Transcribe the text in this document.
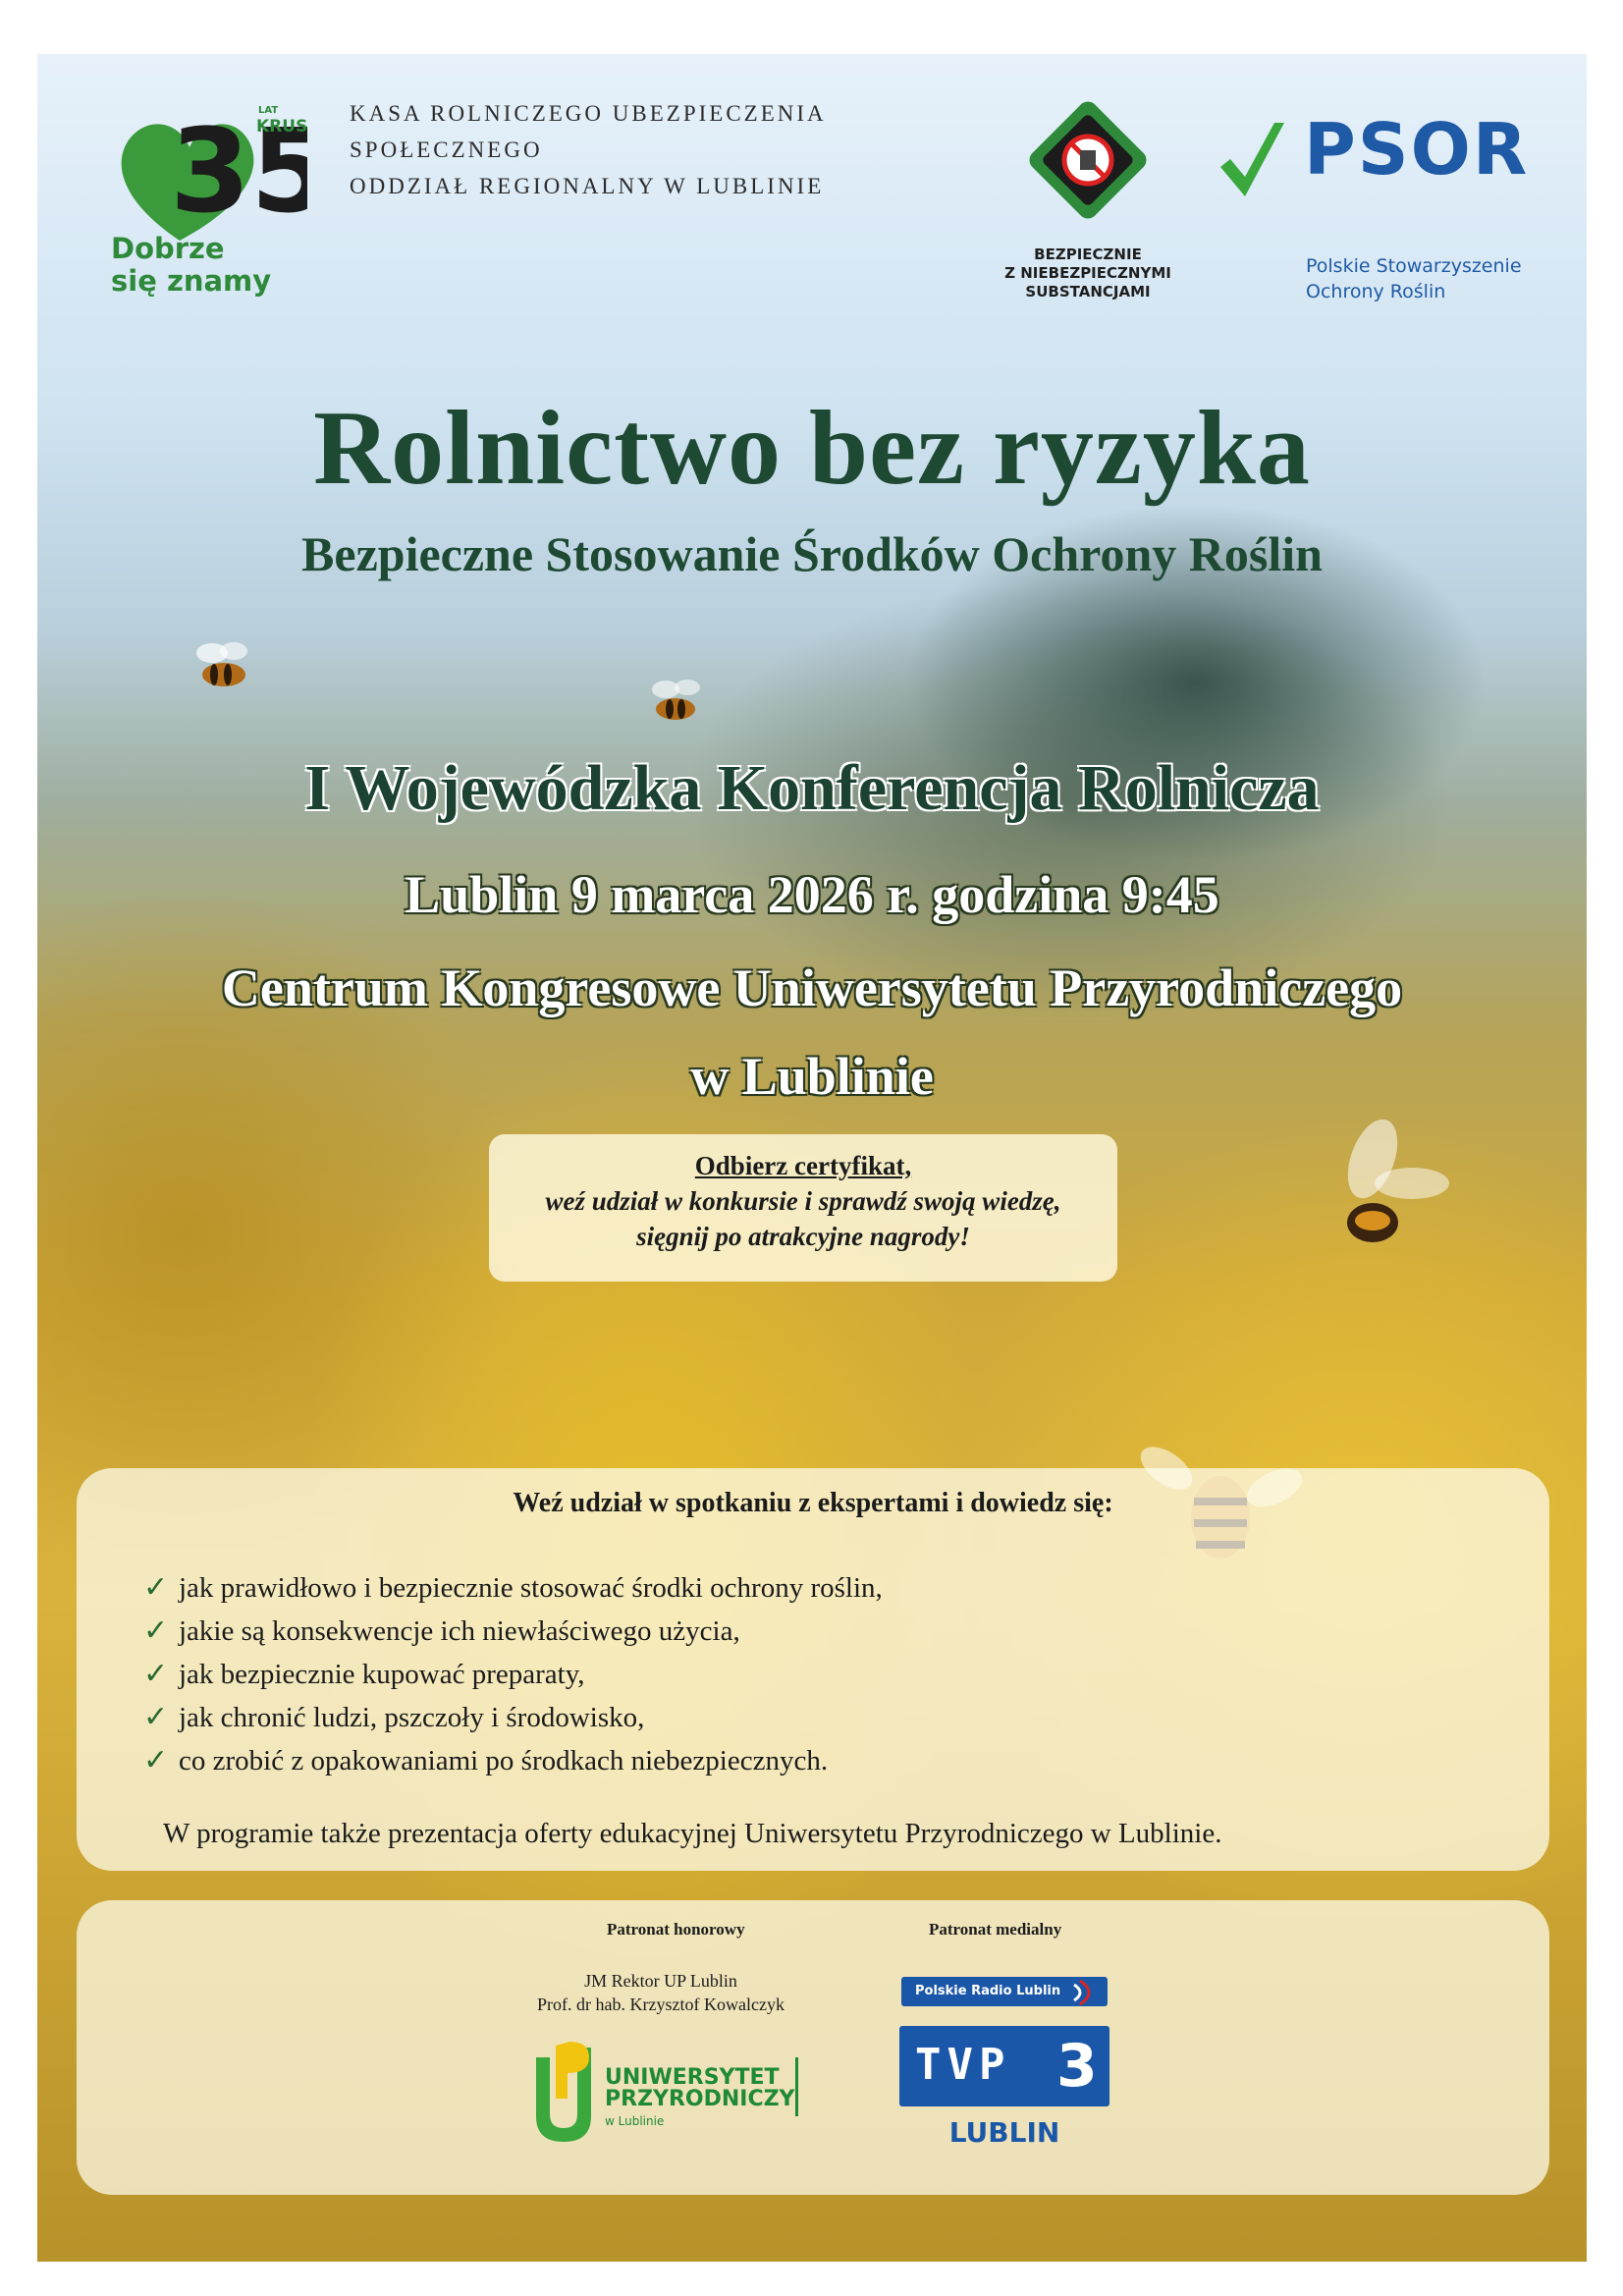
35
LAT
KRUS
Dobrze
się znamy
KASA ROLNICZEGO UBEZPIECZENIA
SPOŁECZNEGO
ODDZIAŁ REGIONALNY W LUBLINIE
BEZPIECZNIE
Z NIEBEZPIECZNYMI
SUBSTANCJAMI
PSOR
Polskie Stowarzyszenie
Ochrony Roślin
Rolnictwo bez ryzyka
Bezpieczne Stosowanie Środków Ochrony Roślin
I Wojewódzka Konferencja Rolnicza
Lublin 9 marca 2026 r. godzina 9:45
Centrum Kongresowe Uniwersytetu Przyrodniczego
w Lublinie
Odbierz certyfikat,
weź udział w konkursie i sprawdź swoją wiedzę,
sięgnij po atrakcyjne nagrody!
Weź udział w spotkaniu z ekspertami i dowiedz się:
✓ jak prawidłowo i bezpiecznie stosować środki ochrony roślin,
✓ jakie są konsekwencje ich niewłaściwego użycia,
✓ jak bezpiecznie kupować preparaty,
✓ jak chronić ludzi, pszczoły i środowisko,
✓ co zrobić z opakowaniami po środkach niebezpiecznych.
W programie także prezentacja oferty edukacyjnej Uniwersytetu Przyrodniczego w Lublinie.
Patronat honorowy
JM Rektor UP Lublin
Prof. dr hab. Krzysztof Kowalczyk
UNIWERSYTET
PRZYRODNICZY
w Lublinie
Patronat medialny
Polskie Radio Lublin
TVP 3
LUBLIN
